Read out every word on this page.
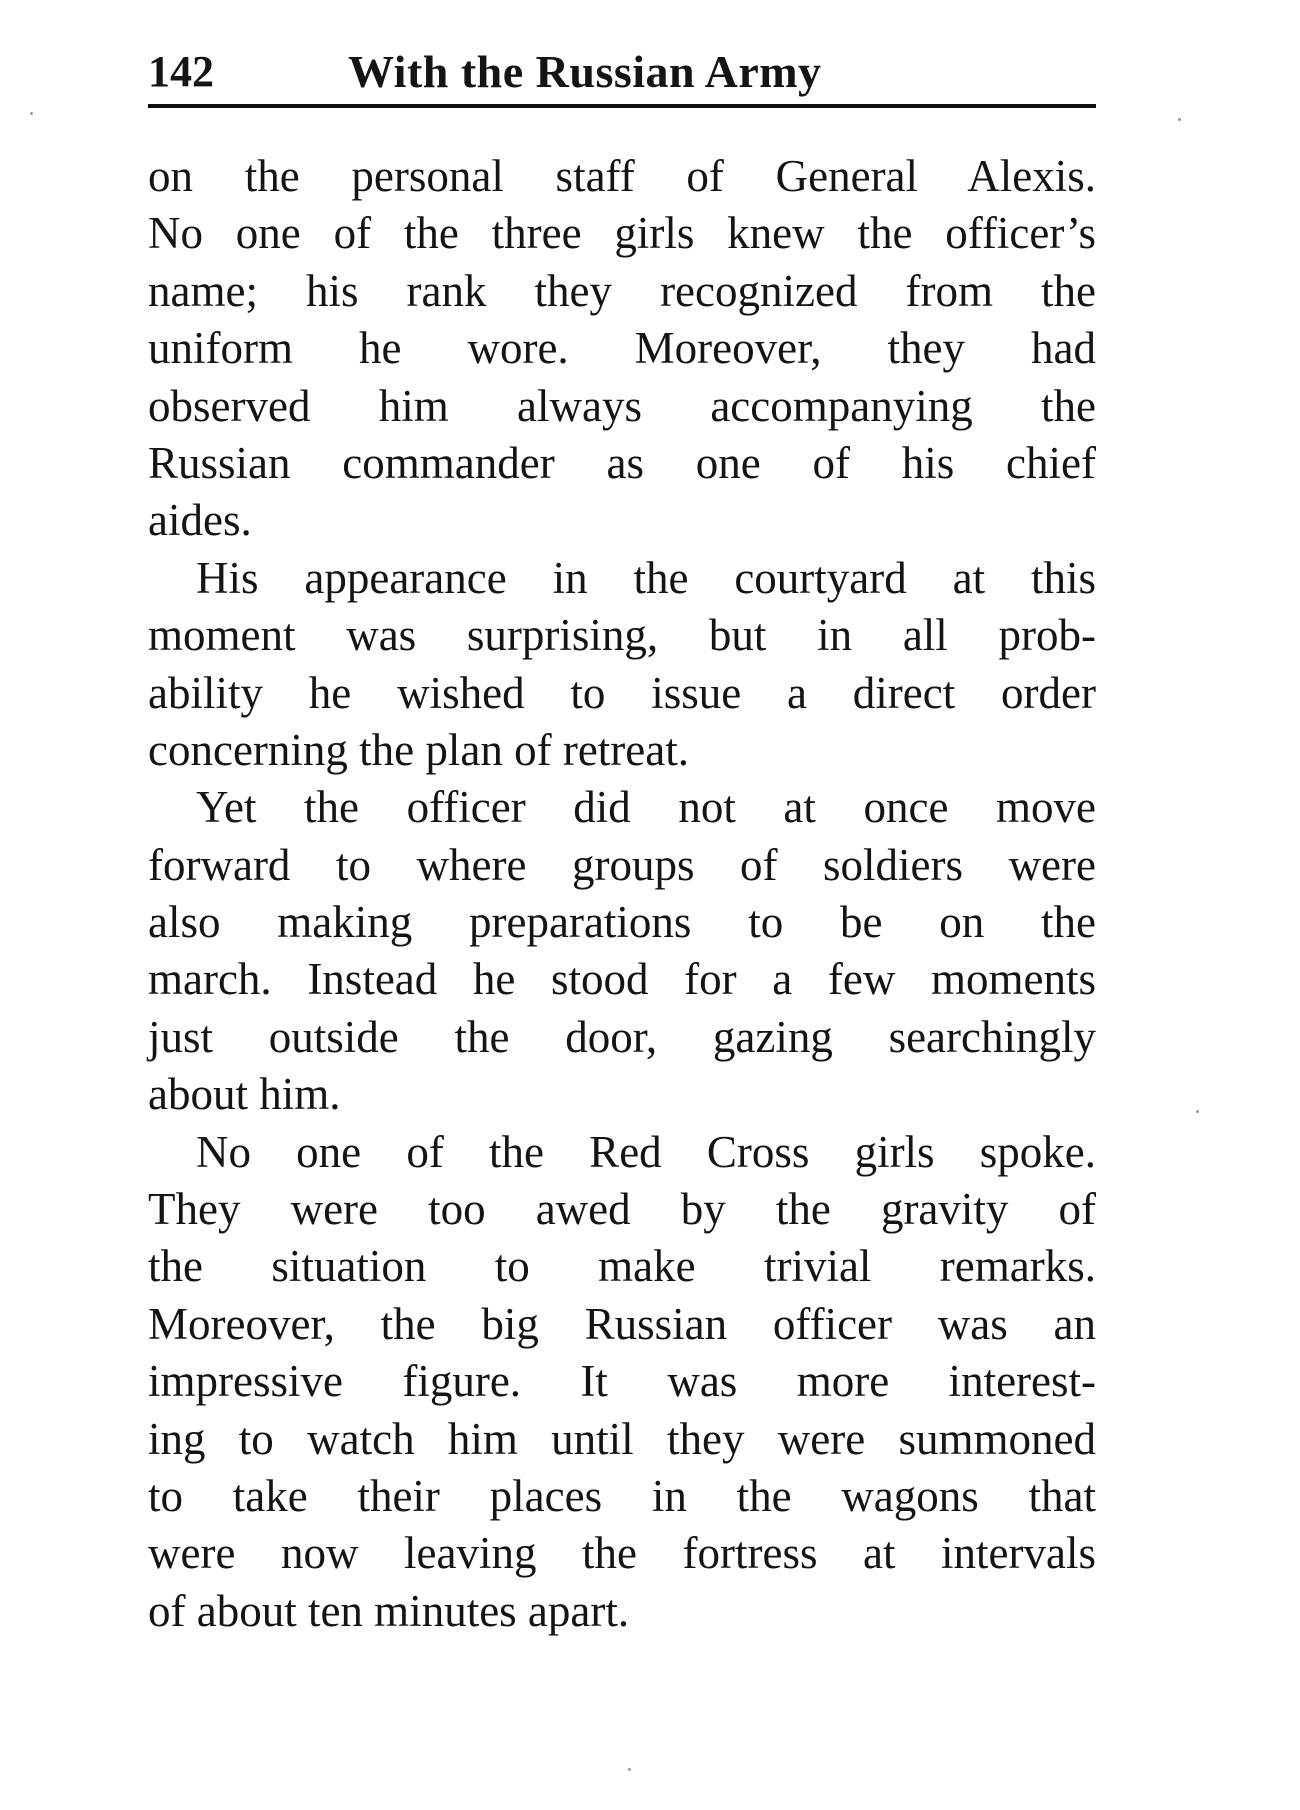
142	With the Russian Army
on the personal staff of General Alexis.
No one of the three girls knew the officer’s
name; his rank they recognized from the
uniform he wore. Moreover, they had
observed him always accompanying the
Russian commander as one of his chief
aides.
His appearance in the courtyard at this
moment was surprising, but in all prob-
ability he wished to issue a direct order
concerning the plan of retreat.
Yet the officer did not at once move
forward to where groups of soldiers were
also making preparations to be on the
march. Instead he stood for a few moments
just outside the door, gazing searchingly
about him.
No one of the Red Cross girls spoke.
They were too awed by the gravity of
the situation to make trivial remarks.
Moreover, the big Russian officer was an
impressive figure. It was more interest-
ing to watch him until they were summoned
to take their places in the wagons that
were now leaving the fortress at intervals
of about ten minutes apart.
